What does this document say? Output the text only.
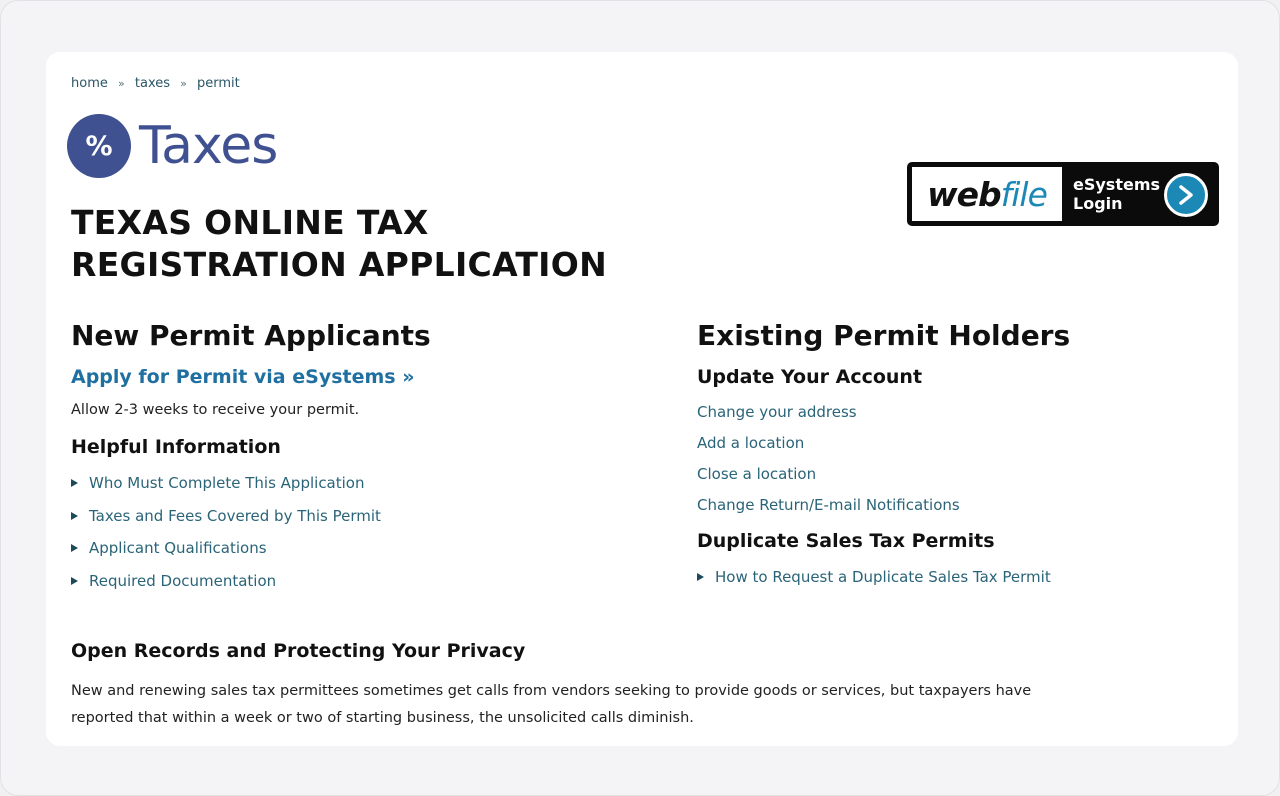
home » taxes » permit
% Taxes
web file eSystems
Login
TEXAS ONLINE TAX REGISTRATION APPLICATION
New Permit Applicants
Apply for Permit via eSystems »
Allow 2-3 weeks to receive your permit.
Helpful Information
Who Must Complete This Application
Taxes and Fees Covered by This Permit
Applicant Qualifications
Required Documentation
Existing Permit Holders
Update Your Account
Change your address
Add a location
Close a location
Change Return/E-mail Notifications
Duplicate Sales Tax Permits
How to Request a Duplicate Sales Tax Permit
Open Records and Protecting Your Privacy

New and renewing sales tax permittees sometimes get calls from vendors seeking to provide goods or services, but taxpayers have reported that within a week or two of starting business, the unsolicited calls diminish.
